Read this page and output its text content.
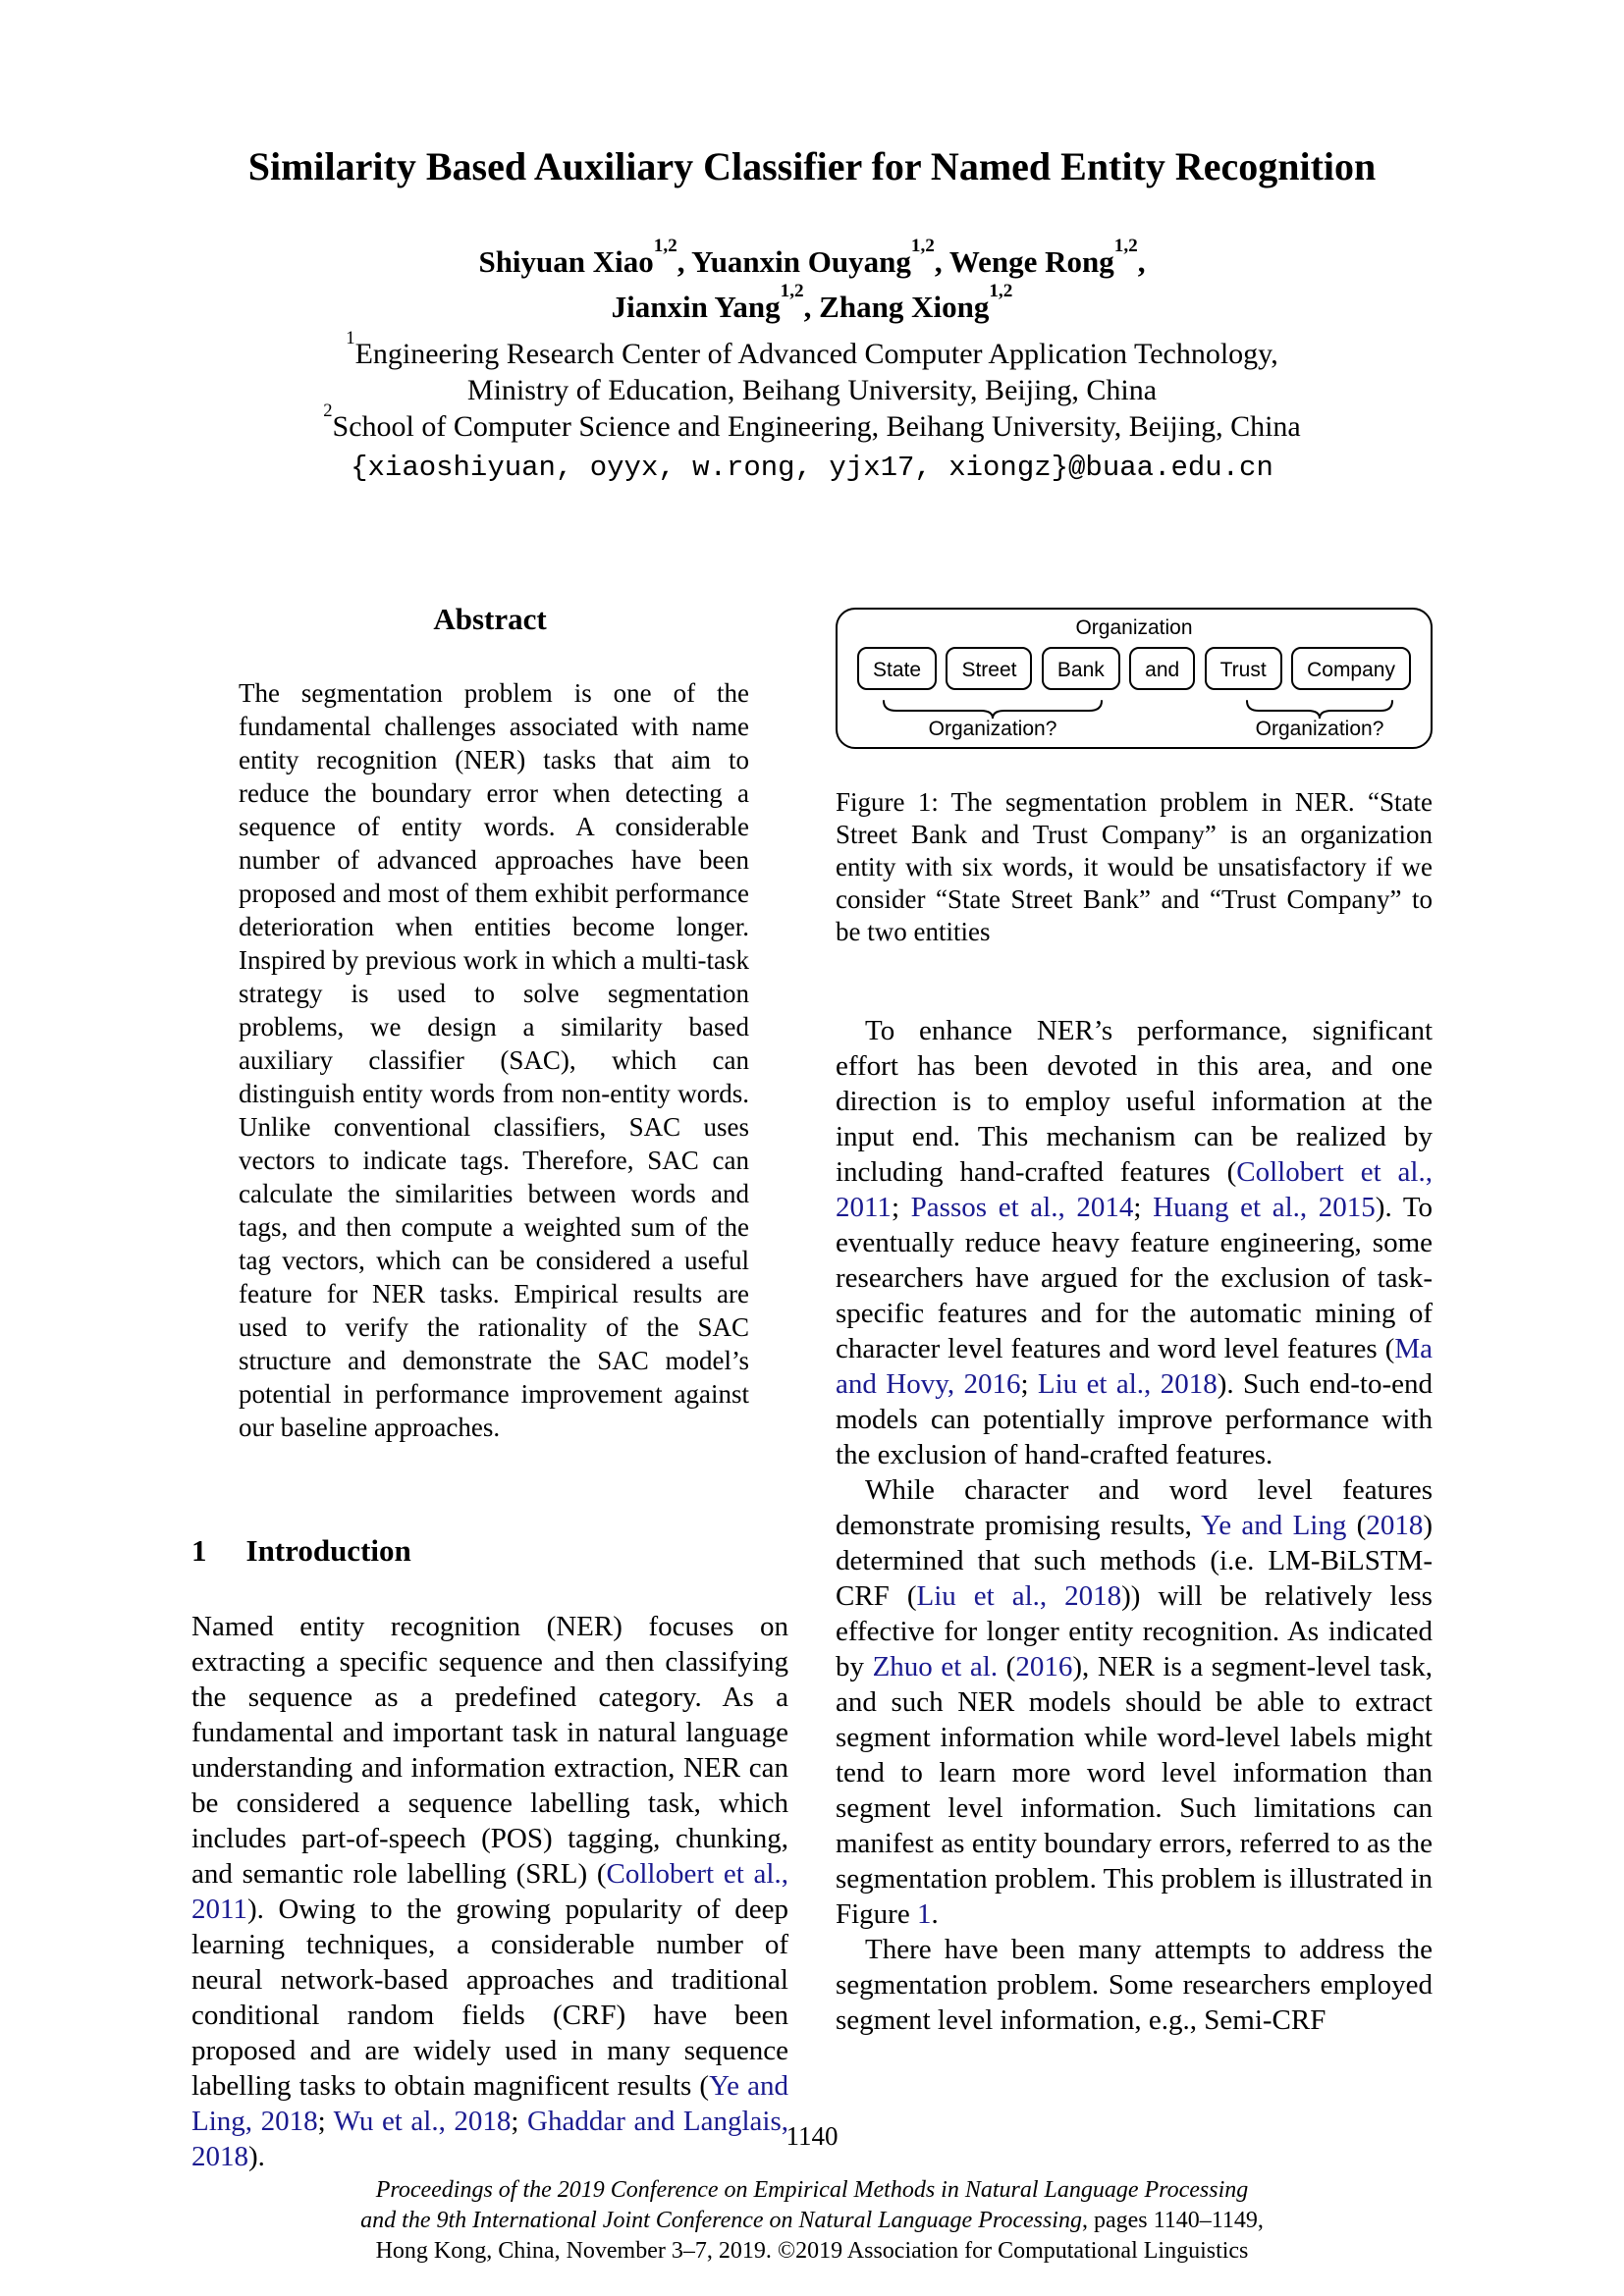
Similarity Based Auxiliary Classifier for Named Entity Recognition
Shiyuan Xiao$^{1,2}$, Yuanxin Ouyang$^{1,2}$, Wenge Rong$^{1,2}$,
Jianxin Yang$^{1,2}$, Zhang Xiong$^{1,2}$
$^1$Engineering Research Center of Advanced Computer Application Technology,
Ministry of Education, Beihang University, Beijing, China
$^2$School of Computer Science and Engineering, Beihang University, Beijing, China
{xiaoshiyuan, oyyx, w.rong, yjx17, xiongz}@buaa.edu.cn
Abstract

The segmentation problem is one of the fundamental challenges associated with name entity recognition (NER) tasks that aim to reduce the boundary error when detecting a sequence of entity words. A considerable number of advanced approaches have been proposed and most of them exhibit performance deterioration when entities become longer. Inspired by previous work in which a multi-task strategy is used to solve segmentation problems, we design a similarity based auxiliary classifier (SAC), which can distinguish entity words from non-entity words. Unlike conventional classifiers, SAC uses vectors to indicate tags. Therefore, SAC can calculate the similarities between words and tags, and then compute a weighted sum of the tag vectors, which can be considered a useful feature for NER tasks. Empirical results are used to verify the rationality of the SAC structure and demonstrate the SAC model’s potential in performance improvement against our baseline approaches.

1 Introduction

Named entity recognition (NER) focuses on extracting a specific sequence and then classifying the sequence as a predefined category. As a fundamental and important task in natural language understanding and information extraction, NER can be considered a sequence labelling task, which includes part-of-speech (POS) tagging, chunking, and semantic role labelling (SRL) (Collobert et al., 2011). Owing to the growing popularity of deep learning techniques, a considerable number of neural network-based approaches and traditional conditional random fields (CRF) have been proposed and are widely used in many sequence labelling tasks to obtain magnificent results (Ye and Ling, 2018; Wu et al., 2018; Ghaddar and Langlais, 2018).

Organization
State	Street	Bank	and	Trust	Company
Organization?	Organization?

Figure 1: The segmentation problem in NER. “State Street Bank and Trust Company” is an organization entity with six words, it would be unsatisfactory if we consider “State Street Bank” and “Trust Company” to be two entities

To enhance NER’s performance, significant effort has been devoted in this area, and one direction is to employ useful information at the input end. This mechanism can be realized by including hand-crafted features (Collobert et al., 2011; Passos et al., 2014; Huang et al., 2015). To eventually reduce heavy feature engineering, some researchers have argued for the exclusion of task-specific features and for the automatic mining of character level features and word level features (Ma and Hovy, 2016; Liu et al., 2018). Such end-to-end models can potentially improve performance with the exclusion of hand-crafted features.

While character and word level features demonstrate promising results, Ye and Ling (2018) determined that such methods (i.e. LM-BiLSTM-CRF (Liu et al., 2018)) will be relatively less effective for longer entity recognition. As indicated by Zhuo et al. (2016), NER is a segment-level task, and such NER models should be able to extract segment information while word-level labels might tend to learn more word level information than segment level information. Such limitations can manifest as entity boundary errors, referred to as the segmentation problem. This problem is illustrated in Figure 1.

There have been many attempts to address the segmentation problem. Some researchers employed segment level information, e.g., Semi-CRF

1140
Proceedings of the 2019 Conference on Empirical Methods in Natural Language Processing
and the 9th International Joint Conference on Natural Language Processing, pages 1140–1149,
Hong Kong, China, November 3–7, 2019. ©2019 Association for Computational Linguistics
